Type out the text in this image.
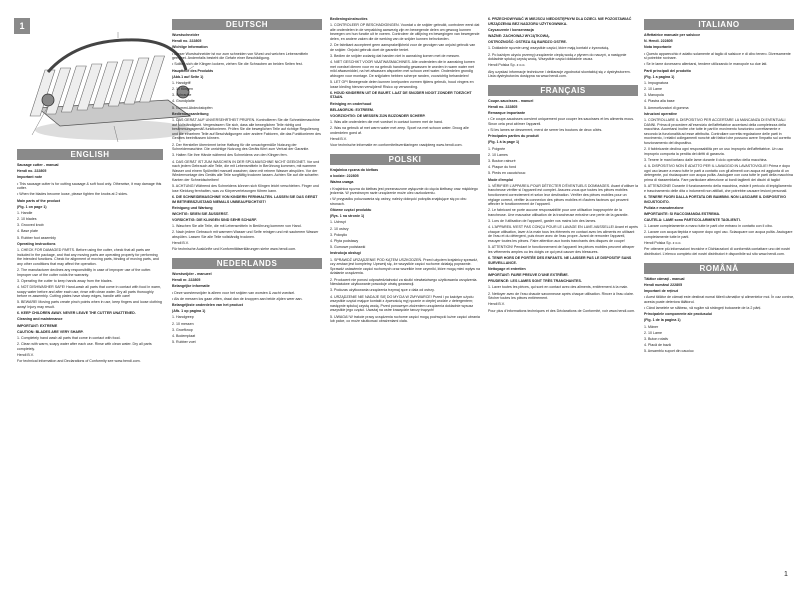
1
ENGLISH
Sausage cutter - manual
Hendi no. 222805
Important note
• This sausage cutter is for cutting sausage & soft food only. Otherwise, it may damage this cutter.
• When the blades become loose, please tighten the knobs at 2 sides.
Main parts of the product
(Fig. 1 on page 1)
1. Handle
2. 10 blades
3. Grooved knob
4. Base plate
5. Rubber foot assembly
Operating instructions
1. CHECK FOR DAMAGED PARTS. Before using the cutter, check that all parts are included in the package, and that any moving parts are operating properly for performing the intended functions. Check for alignment of moving parts, binding of moving parts, and any other conditions that may affect the operation.
2. The manufacturer declines any responsibility in case of improper use of the cutter. Improper use of the cutter voids the warranty.
3. Operating the cutter to keep hands away from the blades.
4. NOT DISHWASHER SAFE! Hand-wash all parts that come in contact with food in warm, soapy water before and after each use, rinse with clean water. Dry all parts thoroughly before re-assembly. Cutting plates have sharp edges, handle with care!
5. BEWARE! Moving parts create pinch points when in use, keep fingers and loose clothing away! Injury may result.
6. KEEP CHILDREN AWAY. NEVER LEAVE THE CUTTER UNATTENED.
Cleaning and maintenance
IMPORTANT: EXTREME
CAUTION: BLADES ARE VERY SHARP.
1. Completely hand wash all parts that come in contact with food.
2. Clean with warm, soapy water after each use. Rinse with clean water. Dry all parts completely.
Hendi B.V.
For technical information and Declarations of Conformity see www.hendi.com.
DEUTSCH
Wurstschneider
Hendi no. 222805
Wichtige Information
• Dieser Wurstschneider ist nur zum schneiden von Wurst und weichen Lebensmitteln geeignet. Andernfalls besteht die Gefahr einer Beschädigung.
• Sollten sich die Klingen lockern, ziehen Sie die Schrauben an beiden Seiten fest.
Hauptteile des Produkts
(Abb.1 auf Seite 1)
1. Handgriff
2. 10 Klingen
3. Schraube
4. Grundplatte
5. Gummi-Abdeckstopfen
Bedienungsanleitung
1. DAS GERÄT AUF UNVERSEHRTHEIT PRÜFEN. Kontrollieren Sie die Schneidemaschine auf Vollständigkeit. Vergewissern Sie sich, dass alle beweglichen Teile richtig und bestimmungsgemäß funktionieren. Prüfen Sie die beweglichen Teile auf richtige Regulierung und die einzelnen Teile auf Beschädigungen oder andere Faktoren, die das Funktionieren des Gerätes beeinflussen können.
2. Der Hersteller übernimmt keine Haftung für die unsachgemäße Nutzung der Schneidemaschine. Die unrichtige Nutzung des Geräts führt zum Verlust der Garantie.
3. Halten Sie Ihre Hände während des Schneidens von den Klingen fern.
4. DAS GERÄT IST ZUM WASCHEN IN DER SPÜLMASCHINE NICHT GEEIGNET. Vor und nach jedem Gebrauch alle Teile, die mit Lebensmitteln in Berührung kommen, mit warmem Wasser und einem Spülmittel manuell waschen; dann mit reinem Wasser abspülen. Vor der Wiedermontage des Geräts alle Teile sorgfältig trocknen lassen. Achten Sie auf die scharfen Kanten der Schneidscheiben!
5. ACHTUNG! Während des Schneidens können sich Klingen leicht verschieben. Finger und lose Kleidung fernhalten, was zu Körperverletzungen führen kann.
6. DIE SCHNEIDEMASCHINE VON KINDERN FERNHALTEN. LASSEN SIE DAS GERÄT IM BETRIEBSZUSTAND NIEMALS UNBEAUFSICHTIGT!
Reinigung und Wartung
WICHTIG: SEIEN SIE ÄUSSERST.
VORSICHTIG: DIE KLINGEN SIND SEHR SCHARF.
1. Waschen Sie alle Teile, die mit Lebensmitteln in Berührung kommen von Hand.
2. Nach jedem Gebrauch mit warmem Wasser und Seife reinigen und mit sauberem Wasser abspülen. Lassen Sie alle Teile vollständig trocknen.
Hendi B.V.
Für technische Auskünfte und Konformitätserklärungen siehe www.hendi.com.
NEDERLANDS
Worstsnijder - manueel
Hendi nr. 222805
Belangrijke informatie
• Deze worstensnijder is alleen voor het snijden van worsten & zacht voedsel.
• Als de messen los gaan zitten, draai dan de knoppen aan beide zijden weer aan.
Belangrijkste onderdelen van het product
(Afb. 1 op pagina 1)
1. Handgreep
2. 10 messen
3. Groefknop
4. Bodemplaat
5. Rubber voet
Bedieningsinstructies
1. CONTROLEER OP BESCHADIGINGEN. Voordat u de snijder gebruikt, controleer eerst dat alle onderdelen in de verpakking aanwezig zijn en bewegende delen om gewoog kunnen bewegen om hun functie uit te voeren. Controleer de uitlijning en bewegingen van bewegende delen, en andere zaken die de werking van de snijder kunnen beïnvloeden.
2. De fabrikant accepteert geen aansprakelijkheid voor de gevolgen van onjuist gebruik van de snijder. Onjuist gebruik doet de garantie teniet.
3. Bedien de snijder zodanig dat handen niet in aanraking komen met de messen.
4. NIET GESCHIKT VOOR VAATWASMACHINES. Alle onderdelen die in aanraking komen met voedsel dienen voor en na gebruik handmatig gewassen te worden in warm water met mild afwasmiddel, na het afwassen afspoelen met schoon zeel water. Onderdelen grondig afdrogen voor montage. De snijplaten hebben scherpe randen, voorzichtig behandelen!
5. LET OP! Bewegende delen kunnen knelpunten vormen tijdens gebruik, houd vingers en losse kleding hiervan verwijderd! Risico op verwonding.
6. HOUD KINDEREN UIT DE BUURT. LAAT DE SNIJDER NOOIT ZONDER TOEZICHT STAAN.
Reiniging en onderhoud
BELANGRIJK: EXTREEM.
VOORZICHTIG: DE MESSEN ZIJN BIJZONDER SCHERP.
1. Was alle onderdelen die met voedsel in contact komen met de hand.
2. Was na gebruik af met warm water met zeep. Spoel na met schoon water. Droog alle onderdelen goed af.
Hendi B.V.
Voor technische informatie en conformiteitsverklaringen raadpleeg www.hendi.com.
POLSKI
Krajalnica ręczna do kiełbas
o kodzie: 222805
Ważna uwaga
• Krajalnica ręczna do kiełbas jest przeznaczone wyłącznie do cięcia kiełbasy oraz miękkiego jedzenia. W przeciwnym razie urządzenie może ulec uszkodzeniu.
• W przypadku poluzowania się ostrzy, należy dokręcić pokrętła znajdujące się po obu stronach.
Główne części produktu
(Rys. 1 na stronie 1)
1. Uchwyt
2. 10 ostrzy
3. Pokrętło
4. Płyta podstawy
5. Gumowe podstawki
Instrukcja obsługi
1. SPRAWDŹ URZĄDZENIE POD KĄTEM USZKODZEŃ. Przed użyciem krajalnicy sprawdź, czy zestaw jest kompletny. Upewnij się, że wszystkie części ruchome działają poprawnie. Sprawdź ustawienie części ruchomych oraz wszelkie inne czynniki, które mogą mieć wpływ na działanie urządzenia.
2. Producent nie ponosi odpowiedzialności za skutki niewłaściwego użytkowania urządzenia. Niewłaściwe użytkowanie powoduje utratę gwarancji.
3. Podczas użytkowania urządzenia trzymaj ręce z dala od ostrzy.
4. URZĄDZENIE NIE NADAJE SIĘ DO MYCIA W ZMYWARCE! Przed i po każdym użyciu wszystkie części mające kontakt z żywnością myj ręcznie w ciepłej wodzie z detergentem; następnie spłukuj czystą wodą. Przed ponownym złożeniem urządzenia dokładnie wysusz wszystkie jego części. Uważaj na ostre krawędzie tarczy tnących!
5. UWAGA! W trakcie pracy urządzenia ruchome części mogą pochwycić luźne części ubrania lub palce, co może skutkować obrażeniami ciała.
6. PRZECHOWYWAĆ W MIEJSCU NIEDOSTĘPNYM DLA DZIECI. NIE POZOSTAWIAĆ URZĄDZENIA BEZ NADZORU UŻYTKOWNIKA.
Czyszczenie i konserwacja
WAŻNE: ZACHOWAJ WYJĄTKOWĄ.
OSTROŻNOŚĆ: OSTRZA SĄ BARDZO OSTRE.
1. Dokładnie ręcznie umyj wszystkie części, które mają kontakt z żywnością.
2. Po każdym użyciu przemyj urządzenie ciepłą wodą z płynem do naczyń, a następnie dokładnie spłukuj czystą wodą. Wszystkie części dokładnie osusz.
Hendi Polska Sp. z o.o.
Aby uzyskać informacje techniczne i deklaracje zgodności skontaktuj się z dystrybutorem. Lista dystrybutorów dostępna na www.hendi.com.
FRANÇAIS
Coupe-saucisses - manuel
Hendi no. 222805
Remarque importante
• Ce coupe-saucisses convient uniquement pour couper les saucisses et les aliments mous. Sinon cela peut abîmer l'appareil.
• Si les lames se desserrent, merci de serrer les boutons de deux côtés.
Principales parties du produit
(Fig. 1 à la page 1)
1. Poignée
2. 10 Lames
3. Bouton rainuré
4. Plaque du fond
5. Pieds en caoutchouc
Mode d'emploi
1. VÉRIFIER L'APPAREIL POUR DÉTECTER D'ÉVENTUELS DOMMAGES. Avant d'utiliser la trancheuse vérifier si l'appareil est complet. Assurez-vous que toutes les pièces mobiles fonctionnent correctement et selon leur destination. Vérifier des pièces mobiles pour un réglage correct, vérifier la connexion des pièces mobiles et d'autres facteurs qui peuvent affecter le fonctionnement de l'appareil.
2. Le fabricant ne porte aucune responsabilité pour une utilisation inappropriée de la trancheuse. Une mauvaise utilisation de la trancheuse entraîne une perte de la garantie.
3. Lors de l'utilisation de l'appareil, garder vos mains loin des lames.
4. L'APPAREIL N'EST PAS CONÇU POUR LE LAVAGE EN LAVE-VAISSELLE! Avant et après chaque utilisation, laver à la main tous les éléments en contact avec les aliments en utilisant de l'eau et du détergent, puis rincer avec de l'eau propre. Avant de remonter l'appareil, essuyer toutes les pièces. Faire attention aux bords tranchants des disques de coupe!
5. ATTENTION! Pendant le fonctionnement de l'appareil les pièces mobiles peuvent attraper les vêtements amples ou les doigts ce qui peut causer des blessures.
6. TENIR HORS DE PORTÉE DES ENFANTS. NE LAISSER PAS LE DISPOSITIF SANS SURVEILLANCE.
Nettoyage et entretien
IMPORTANT: FAIRE PREUVE D'UNE EXTRÊME.
PRUDENCE: LES LAMES SONT TRÈS TRANCHANTES.
1. Laver toutes les pièces, qui sont en contact avec des aliments, entièrement à la main.
2. Nettoyer avec de l'eau chaude savonneuse après chaque utilisation. Rincer à l'eau claire. Sécher toutes les pièces entièrement.
Hendi B.V.
Pour plus d'informations techniques et des Déclarations de Conformité, voir www.hendi.com.
ITALIANO
Affettatrice manuale per salsicce
N. Hendi. 222805
Nota importante
• Questo apparecchio è adatto solamente al taglio di salsicce e di cibo tenero. Diversamente si potrebbe rovinare.
• Se le lame dovessero allentarsi, tendere utilizzando le manopole su due lati.
Parti principali del prodotto
(Fig. 1 a pagina 1)
1. Impugnatura
2. 10 Lame
3. Manopola
4. Piastra alla base
5. Ammortizzatori di gomma
Istruzioni operative
1. CONTROLLARE IL DISPOSITIVO PER ACCERTARE LA MANCANZA DI EVENTUALI DANNI. Prima di procedere all'esercizio dell'affettatrice accertarsi della completezza della macchina. Accertarsi inoltre che tutte le parti in movimento funzionino correttamente e secondo la funzionalità ad esse attribuita. Controllare corretta regolazione delle parti in movimento, i relativi collegamenti nonché altri fattori che possono avere l'impatto sul corretto funzionamento del dispositivo.
2. Il fabbricante declina ogni responsabilità per un uso improprio dell'affettatrice. Un uso improprio comporta la perdita dei diritti di garanzia.
3. Tenere le mani lontano dalle lame durante il ciclo operativo della macchina.
4. IL DISPOSITIVO NON È ADATTO PER IL LAVAGGIO IN LAVASTOVIGLIE! Prima e dopo ogni uso lavare a mano tutte le parti a contatto con gli alimenti con acqua ed aggiunta di un detergente, poi risciacquare con acqua pulita. Asciugare con cura tutte le parti della macchina prima di riassemblarla. Fare particolare attenzione ai bordi taglienti dei dischi di taglio!
5. ATTENZIONE! Durante il funzionamento della macchina, esiste il pericolo di impigliamento e trascinamento delle dita o indumenti non attillati, che potrebbe causare lesioni personali.
6. TENERE FUORI DALLA PORTATA DEI BAMBINI. NON LASCIARE IL DISPOSITIVO INCUSTODITO.
Pulizia e manutenzione
IMPORTANTE: SI RACCOMANDA ESTREMA.
CAUTELA: LAME sono PARTICOLARMENTE TAGLIENTI.
1. Lavare completamente a mano tutte le parti che entrano in contatto con il cibo.
2. Lavare con acqua tiepida e sapone dopo ogni uso. Sciacquare con acqua pulita. Asciugare completamente tutte le parti.
Hendi Polska Sp. z o.o.
Per ottenere più informazioni tecniche e Dichiarazioni di conformità contattare uno dei nostri distributori. L'elenco completo dei nostri distributori è disponibile sul sito www.hendi.com.
ROMÂNĂ
Tăiător cârnați - manual
Hendi numărul 222805
Important de reținut
• Acest tăiător de cârnați este destinat numai tăierii cârnaților și alimentelor moi. În caz contrar, acesta poate deteriora tăiătorul.
• Când lamelele se slăbesc, vă rugăm să strângeți butoanele de la 2 părți.
Principalele componente ale produsului
(Fig. 1 de la pagina 1)
1. Mâner
2. 10 Lame
3. Buton rotativ
4. Placă de bază
5. Ansamblu suport din cauciuc
1
